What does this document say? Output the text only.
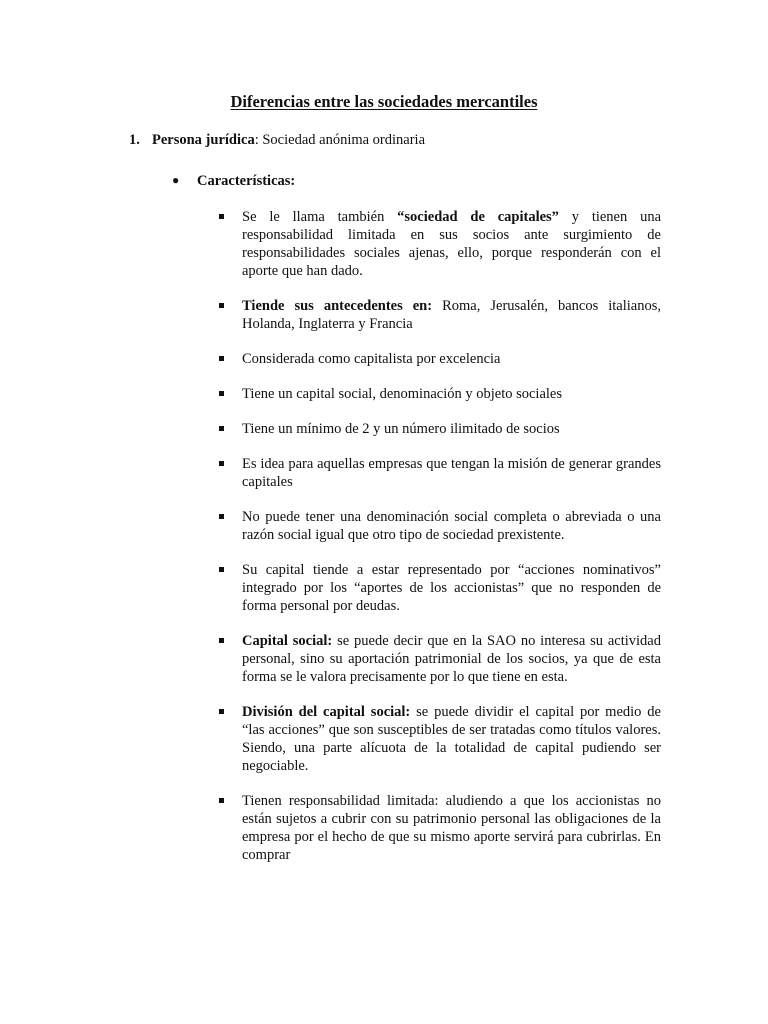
Diferencias entre las sociedades mercantiles

1. Persona jurídica: Sociedad anónima ordinaria

● Características:

Se le llama también “sociedad de capitales” y tienen una responsabilidad limitada en sus socios ante surgimiento de responsabilidades sociales ajenas, ello, porque responderán con el aporte que han dado.
Tiende sus antecedentes en: Roma, Jerusalén, bancos italianos, Holanda, Inglaterra y Francia
Considerada como capitalista por excelencia
Tiene un capital social, denominación y objeto sociales
Tiene un mínimo de 2 y un número ilimitado de socios
Es idea para aquellas empresas que tengan la misión de generar grandes capitales
No puede tener una denominación social completa o abreviada o una razón social igual que otro tipo de sociedad prexistente.
Su capital tiende a estar representado por “acciones nominativos” integrado por los “aportes de los accionistas” que no responden de forma personal por deudas.
Capital social: se puede decir que en la SAO no interesa su actividad personal, sino su aportación patrimonial de los socios, ya que de esta forma se le valora precisamente por lo que tiene en esta.
División del capital social: se puede dividir el capital por medio de “las acciones” que son susceptibles de ser tratadas como títulos valores. Siendo, una parte alícuota de la totalidad de capital pudiendo ser negociable.
Tienen responsabilidad limitada: aludiendo a que los accionistas no están sujetos a cubrir con su patrimonio personal las obligaciones de la empresa por el hecho de que su mismo aporte servirá para cubrirlas. En comprar
